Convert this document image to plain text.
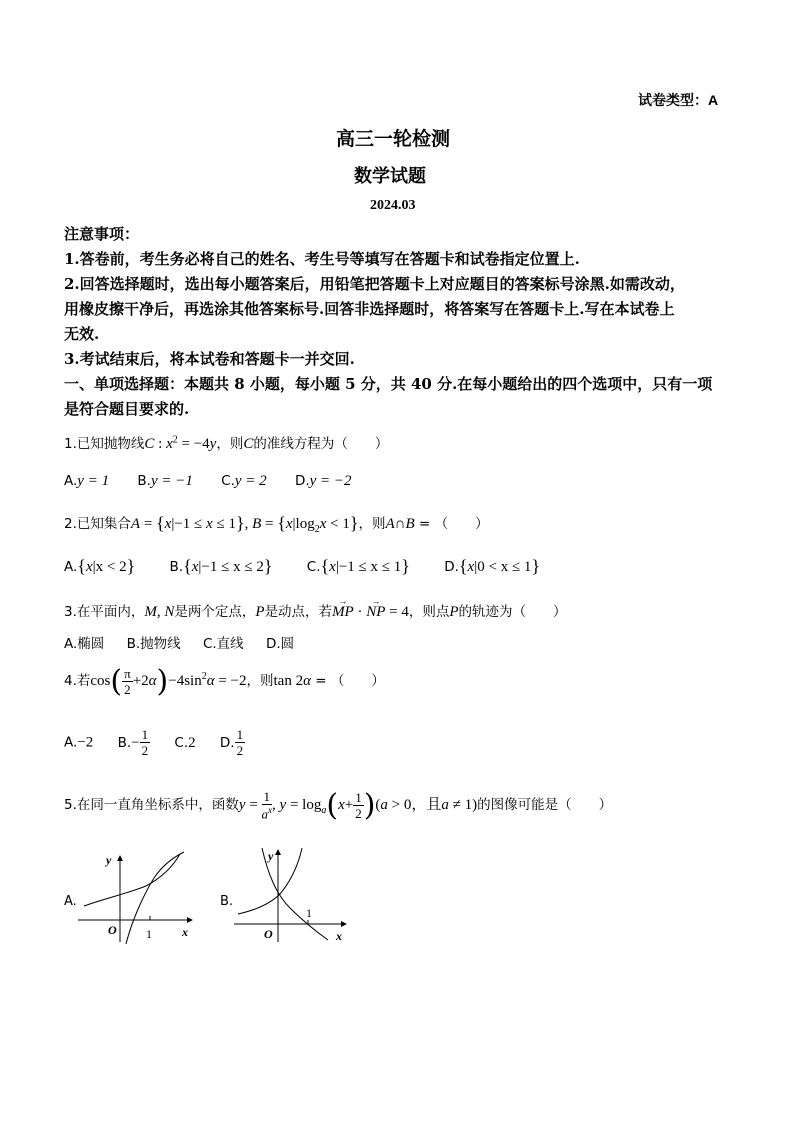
试卷类型：A
高三一轮检测
数学试题
2024.03
注意事项：
1.答卷前，考生务必将自己的姓名、考生号等填写在答题卡和试卷指定位置上.
2.回答选择题时，选出每小题答案后，用铅笔把答题卡上对应题目的答案标号涂黑.如需改动，
用橡皮擦干净后，再选涂其他答案标号.回答非选择题时，将答案写在答题卡上.写在本试卷上
无效.
3.考试结束后，将本试卷和答题卡一并交回.
一、单项选择题：本题共 8 小题，每小题 5 分，共 40 分.在每小题给出的四个选项中，只有一项
是符合题目要求的.
1.已知抛物线C : $x^2 = -4y$，则C的准线方程为（　　）
A.y = 1 B.y = −1 C.y = 2 D.y = −2
2.已知集合A = {x|−1 ≤ x ≤ 1}, $B = \{x|\log_2x < 1\}$，则A∩B = （　　）
A.{x|x < 2}	B.{x|−1 ≤ x ≤ 2}	C.{x|−1 ≤ x ≤ 1}	D.{x|0 < x ≤ 1}
3.在平面内，M, N是两个定点，P是动点，若
→
MP ·
→
NP = 4，则点P的轨迹为（　　）
A.椭圆 B.抛物线 C.直线 D.圆
4.若$\cos( \frac{\pi}{2} +2\alpha)-4\sin^2\alpha = -2$，则tan 2α = （　　）
A.−2 $B.- \frac{1}{2} C.2$ D. $\frac{1}{2}$
5.在同一直角坐标系中，函数$y = \frac{1}{a^x}$ , $y = \log_a(x+ \frac{1}{2} )(a > 0$，且a ≠ 1)的图像可能是（　　）
A.
y
x
O 1
B.
y
x
O
1
